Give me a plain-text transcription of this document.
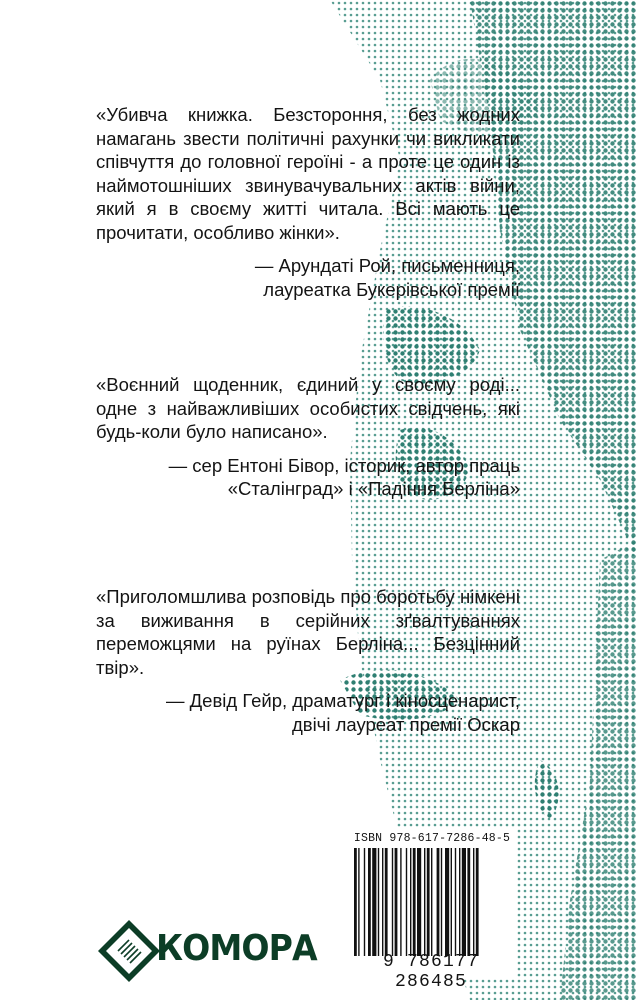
«Убивча книжка. Безстороння, без жодних намагань звести політичні рахунки чи викликати співчуття до головної героїні - а проте це один із наймотошніших звинувачувальних актів війни, який я в своєму житті читала. Всі мають це прочитати, особливо жінки».

— Арундаті Рой, письменниця,
лауреатка Букерівської премії

«Воєнний щоденник, єдиний у своєму роді... одне з найважливіших особистих свідчень, які будь-коли було написано».

— сер Ентоні Бівор, історик, автор праць
«Сталінград» і «Падіння Берліна»

«Приголомшлива розповідь про боротьбу німкені за виживання в серійних зґвалтуваннях переможцями на руїнах Берліна... Безцінний твір».

— Девід Гейр, драматург і кіносценарист,
двічі лауреат премії Оскар

ISBN 978-617-7286-48-5
9 786177 286485
КОМОРА
